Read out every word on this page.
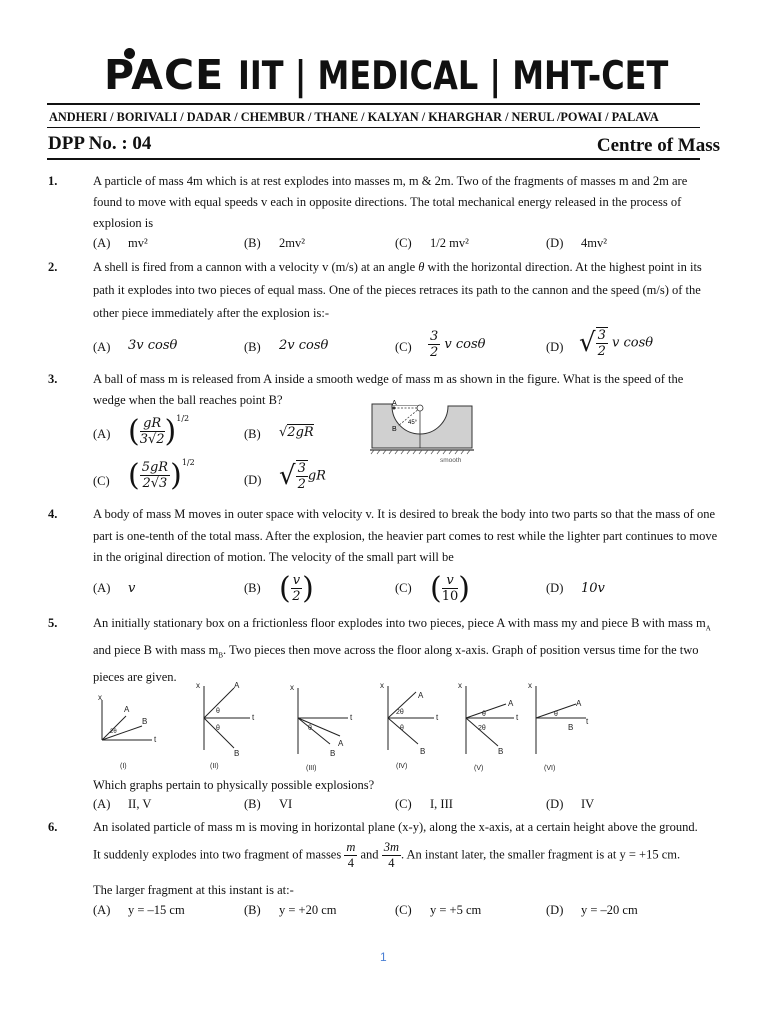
PACE IIT | MEDICAL | MHT-CET
ANDHERI / BORIVALI / DADAR / CHEMBUR / THANE / KALYAN / KHARGHAR / NERUL /POWAI / PALAVA
DPP No. : 04	Centre of Mass
1.	A particle of mass 4m which is at rest explodes into masses m, m & 2m. Two of the fragments of masses m and 2m are found to move with equal speeds v each in opposite directions. The total mechanical energy released in the process of explosion is
(A) mv²	(B) 2mv²	(C) 1/2 mv²	(D) 4mv²
2.	A shell is fired from a cannon with a velocity v (m/s) at an angle θ with the horizontal direction. At the highest point in its path it explodes into two pieces of equal mass. One of the pieces retraces its path to the cannon and the speed (m/s) of the other piece immediately after the explosion is:-
(A) 3v cosθ	(B) 2v cosθ	$(C) \frac{3}{2}$ v cosθ	(D) √ $\frac{3}{2}$ v cosθ
3.	A ball of mass m is released from A inside a smooth wedge of mass m as shown in the figure. What is the speed of the wedge when the ball reaches point B?
(A) ( $\frac{gR}{3√2} )^{1/2}$
(B) √2gR
(C) ( $\frac{5gR}{2√3} )^{1/2}$
(D) √ $\frac{3}{2}$ gR
A
B
45°
smooth
4.	A body of mass M moves in outer space with velocity v. It is desired to break the body into two parts so that the mass of one part is one-tenth of the total mass. After the explosion, the heavier part comes to rest while the lighter part continues to move in the original direction of motion. The velocity of the small part will be
(A) v	(B) ( $\frac{v}{2}$ )	(C) ( $\frac{v}{10}$ )	(D) 10v
5.	An initially stationary box on a frictionless floor explodes into two pieces, piece A with mass my and piece B with mass $m_A$ and piece B with mass $m_B$. Two pieces then move across the floor along x-axis. Graph of position versus time for the two pieces are given.
x
t
A
B
2θ
x
t
A
B
θ
θ
x
t
A
B
θ
x
t
A
B
2θ
θ
x
t
A
B
θ
2θ
x
t
A
B
θ
(I)	(II)	(III)	(IV)	(V)	(VI)
Which graphs pertain to physically possible explosions?
(A) II, V	(B) VI	(C) I, III	(D) IV
6.	An isolated particle of mass m is moving in horizontal plane (x-y), along the x-axis, at a certain height above the ground.
It suddenly explodes into two fragment of masses $\frac{m}{4}$ and $\frac{3m}{4}$ . An instant later, the smaller fragment is at y = +15 cm.
The larger fragment at this instant is at:-
(A) y = –15 cm	(B) y = +20 cm	(C) y = +5 cm	(D) y = –20 cm
1
